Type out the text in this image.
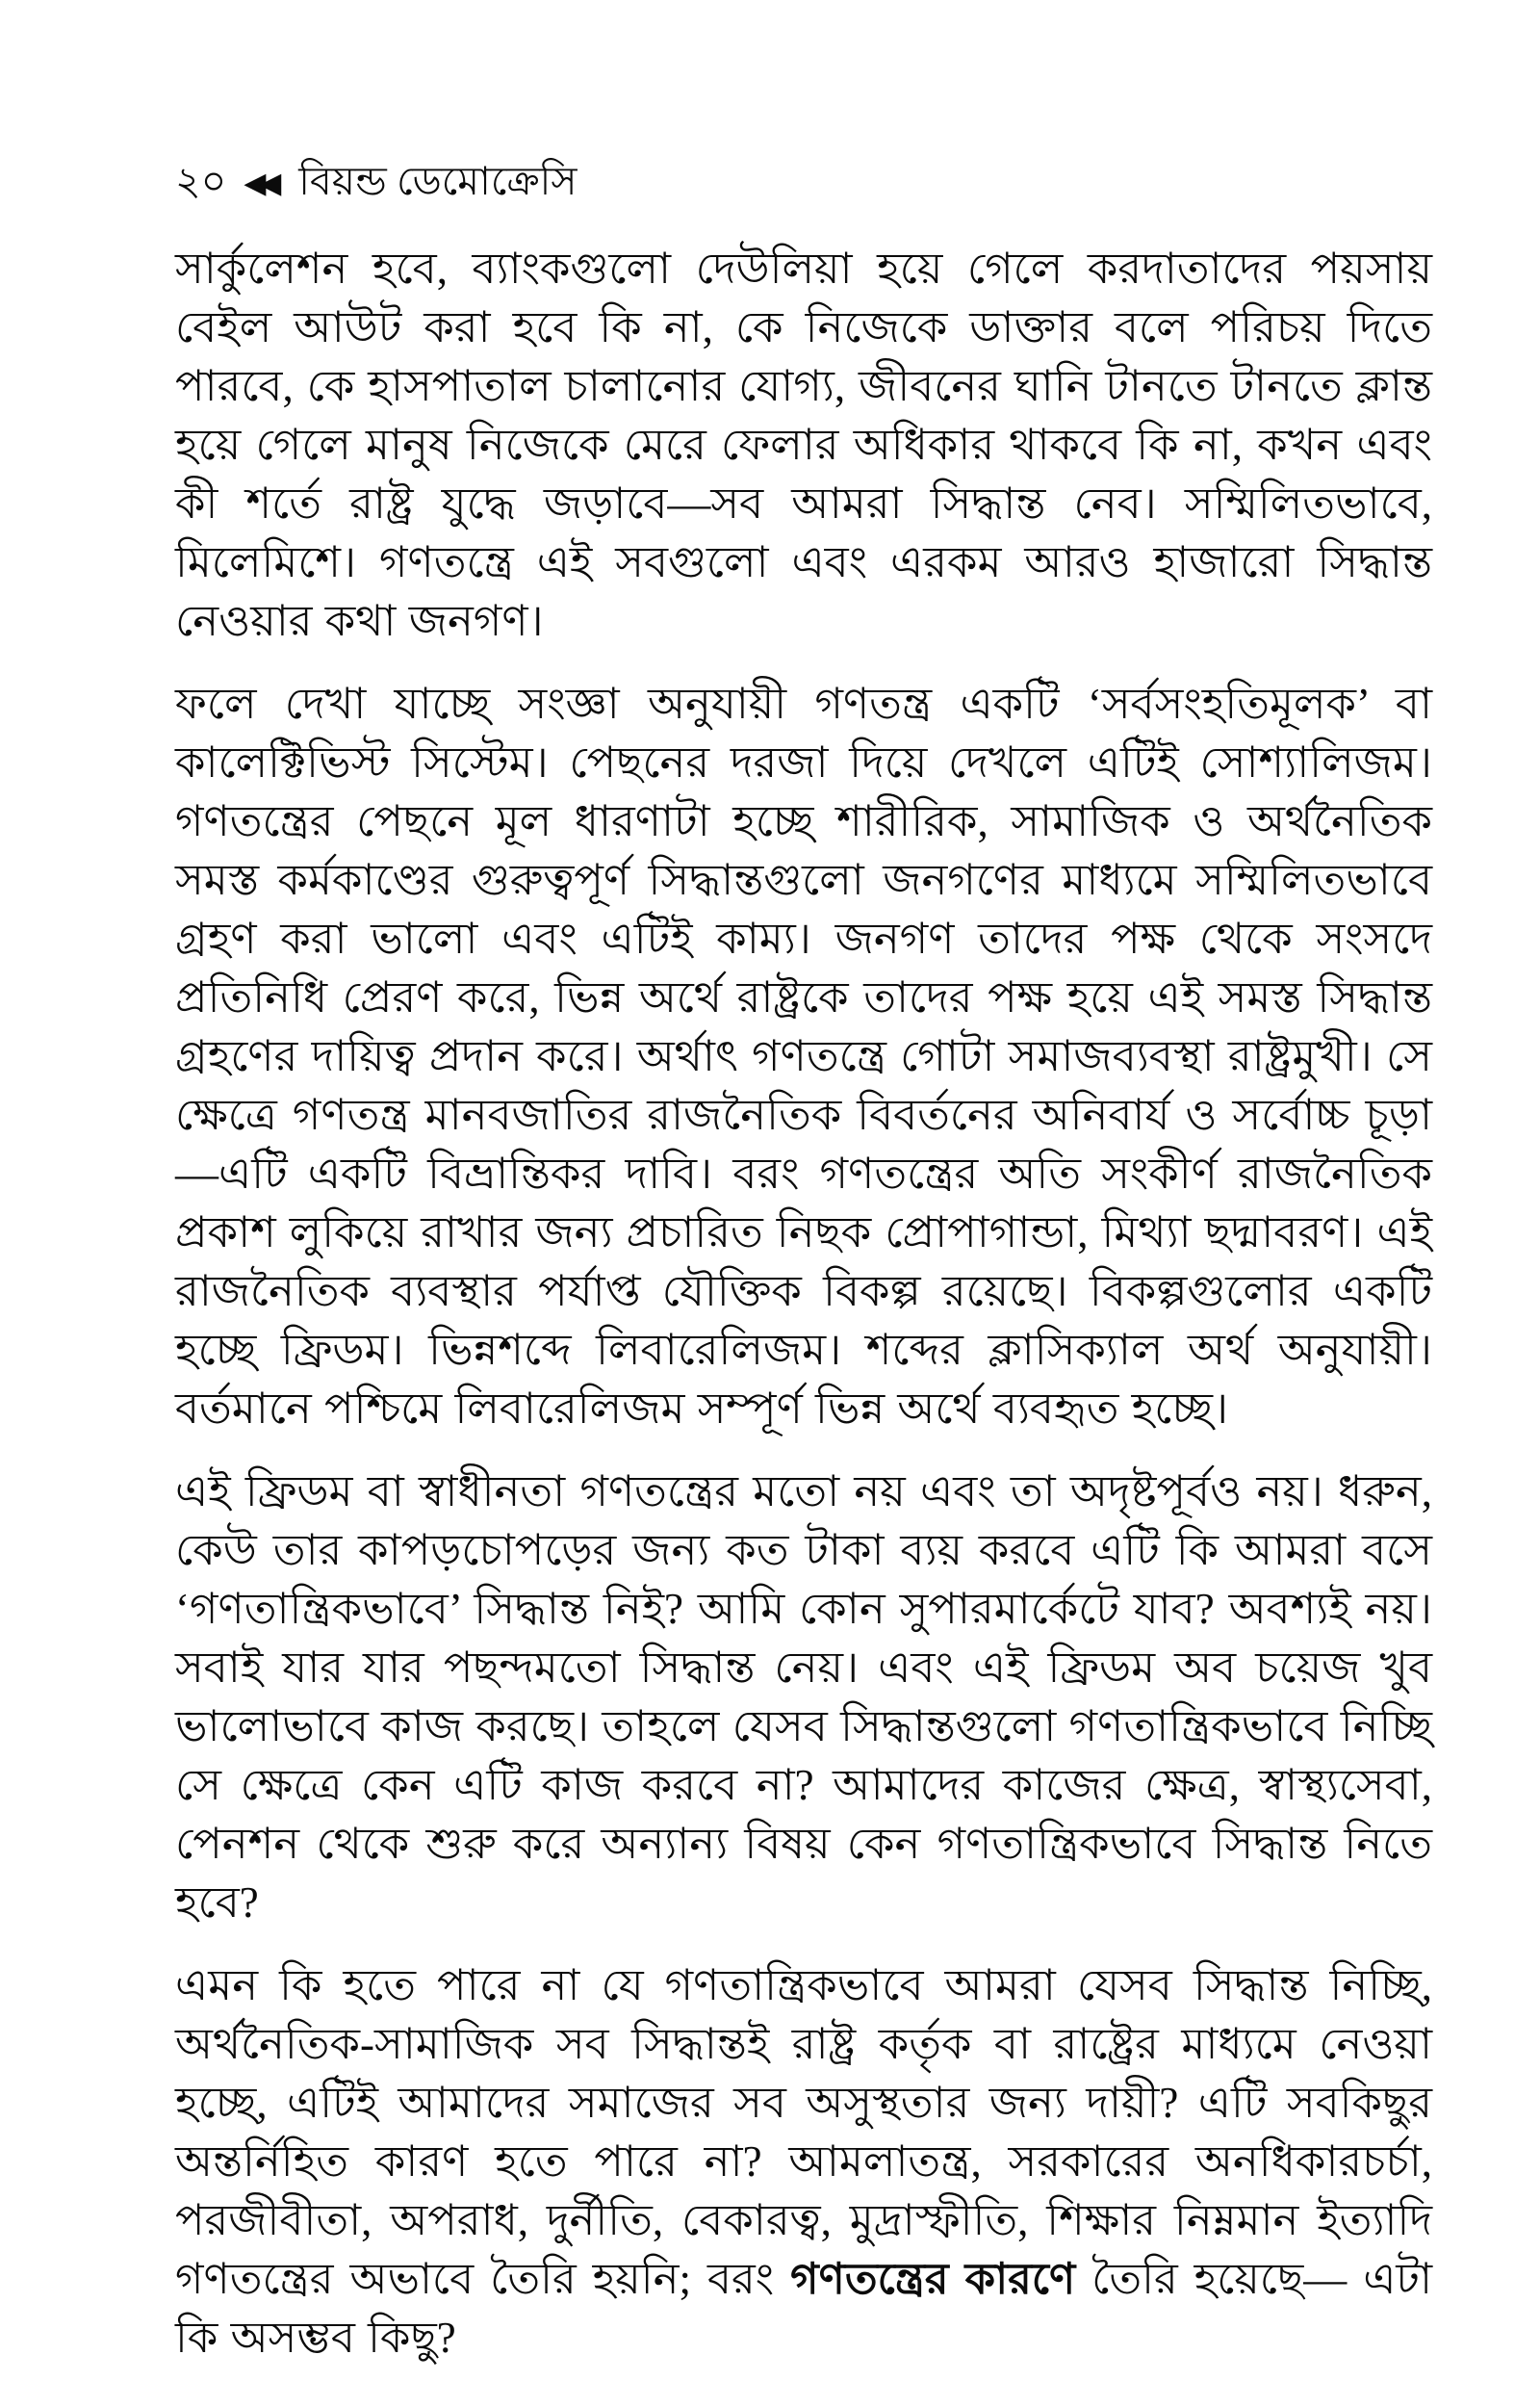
২০ ◀◀ বিয়ন্ড ডেমোক্রেসি

সার্কুলেশন হবে, ব্যাংকগুলো দেউলিয়া হয়ে গেলে করদাতাদের পয়সায় বেইল আউট করা হবে কি না, কে নিজেকে ডাক্তার বলে পরিচয় দিতে পারবে, কে হাসপাতাল চালানোর যোগ্য, জীবনের ঘানি টানতে টানতে ক্লান্ত হয়ে গেলে মানুষ নিজেকে মেরে ফেলার অধিকার থাকবে কি না, কখন এবং কী শর্তে রাষ্ট্র যুদ্ধে জড়াবে—সব আমরা সিদ্ধান্ত নেব। সম্মিলিতভাবে, মিলেমিশে। গণতন্ত্রে এই সবগুলো এবং এরকম আরও হাজারো সিদ্ধান্ত নেওয়ার কথা জনগণ।

ফলে দেখা যাচ্ছে সংজ্ঞা অনুযায়ী গণতন্ত্র একটি ‘সর্বসংহতিমূলক’ বা কালেক্টিভিস্ট সিস্টেম। পেছনের দরজা দিয়ে দেখলে এটিই সোশ্যালিজম। গণতন্ত্রের পেছনে মূল ধারণাটা হচ্ছে শারীরিক, সামাজিক ও অর্থনৈতিক সমস্ত কর্মকাণ্ডের গুরুত্বপূর্ণ সিদ্ধান্তগুলো জনগণের মাধ্যমে সম্মিলিতভাবে গ্রহণ করা ভালো এবং এটিই কাম্য। জনগণ তাদের পক্ষ থেকে সংসদে প্রতিনিধি প্রেরণ করে, ভিন্ন অর্থে রাষ্ট্রকে তাদের পক্ষ হয়ে এই সমস্ত সিদ্ধান্ত গ্রহণের দায়িত্ব প্রদান করে। অর্থাৎ গণতন্ত্রে গোটা সমাজব্যবস্থা রাষ্ট্রমুখী। সে ক্ষেত্রে গণতন্ত্র মানবজাতির রাজনৈতিক বিবর্তনের অনিবার্য ও সর্বোচ্চ চূড়া—এটি একটি বিভ্রান্তিকর দাবি। বরং গণতন্ত্রের অতি সংকীর্ণ রাজনৈতিক প্রকাশ লুকিয়ে রাখার জন্য প্রচারিত নিছক প্রোপাগান্ডা, মিথ্যা ছদ্মাবরণ। এই রাজনৈতিক ব্যবস্থার পর্যাপ্ত যৌক্তিক বিকল্প রয়েছে। বিকল্পগুলোর একটি হচ্ছে ফ্রিডম। ভিন্নশব্দে লিবারেলিজম। শব্দের ক্লাসিক্যাল অর্থ অনুযায়ী। বর্তমানে পশ্চিমে লিবারেলিজম সম্পূর্ণ ভিন্ন অর্থে ব্যবহৃত হচ্ছে।

এই ফ্রিডম বা স্বাধীনতা গণতন্ত্রের মতো নয় এবং তা অদৃষ্টপূর্বও নয়। ধরুন, কেউ তার কাপড়চোপড়ের জন্য কত টাকা ব্যয় করবে এটি কি আমরা বসে ‘গণতান্ত্রিকভাবে’ সিদ্ধান্ত নিই? আমি কোন সুপারমার্কেটে যাব? অবশ্যই নয়। সবাই যার যার পছন্দমতো সিদ্ধান্ত নেয়। এবং এই ফ্রিডম অব চয়েজ খুব ভালোভাবে কাজ করছে। তাহলে যেসব সিদ্ধান্তগুলো গণতান্ত্রিকভাবে নিচ্ছি সে ক্ষেত্রে কেন এটি কাজ করবে না? আমাদের কাজের ক্ষেত্র, স্বাস্থ্যসেবা, পেনশন থেকে শুরু করে অন্যান্য বিষয় কেন গণতান্ত্রিকভাবে সিদ্ধান্ত নিতে হবে?

এমন কি হতে পারে না যে গণতান্ত্রিকভাবে আমরা যেসব সিদ্ধান্ত নিচ্ছি, অর্থনৈতিক-সামাজিক সব সিদ্ধান্তই রাষ্ট্র কর্তৃক বা রাষ্ট্রের মাধ্যমে নেওয়া হচ্ছে, এটিই আমাদের সমাজের সব অসুস্থতার জন্য দায়ী? এটি সবকিছুর অন্তর্নিহিত কারণ হতে পারে না? আমলাতন্ত্র, সরকারের অনধিকারচর্চা, পরজীবীতা, অপরাধ, দুর্নীতি, বেকারত্ব, মুদ্রাস্ফীতি, শিক্ষার নিম্নমান ইত্যাদি গণতন্ত্রের অভাবে তৈরি হয়নি; বরং গণতন্ত্রের কারণে তৈরি হয়েছে— এটা কি অসম্ভব কিছু?
